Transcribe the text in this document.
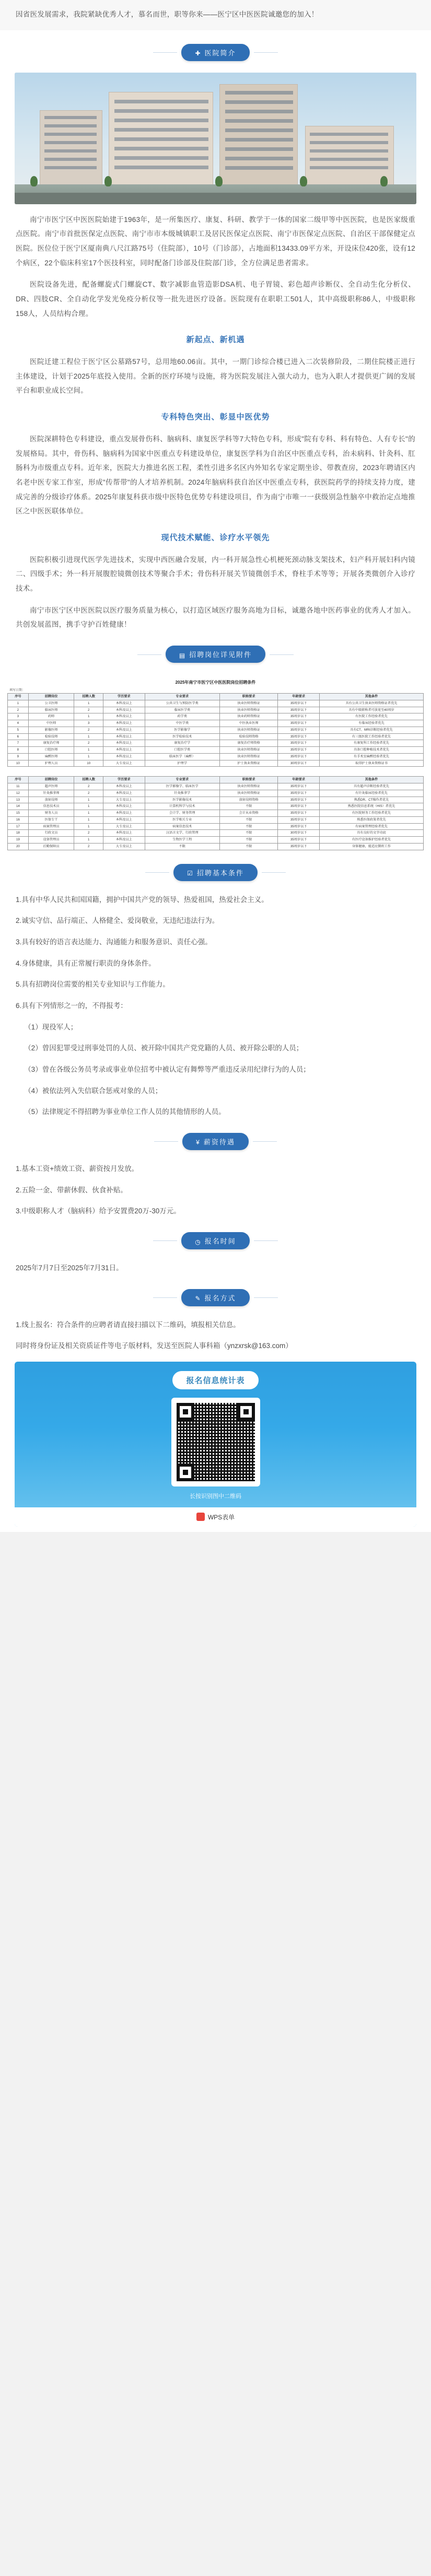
因省医发展需求，我院紧缺优秀人才，慕名而世，职等你来——医宁区中医医院诚邀您的加入！
✚ 医院简介

南宁市医宁区中医医院始建于1963年，是一所集医疗、康复、科研、教学于一体的国家二级甲等中医医院，也是医家级重点医院。南宁市首批医保定点医院、南宁市市本级城镇职工及居民医保定点医院、南宁市医保定点医院、自治区干部保健定点医院。医位位于医宁区厦南典八尺江路75号（住院部），10号（门诊部），占地面积13433.09平方米，开设床位420张，设有12个病区，22个临床科室17个医技科室，同时配备门诊部及住院部门诊，全方位满足患者需求。

医院设备先进，配备螺旋式门螺旋CT、数字减影血管造影DSA机、电子胃镜、彩色超声诊断仪、全自动生化分析仪、DR、四肢CR、全自动化学发光免疫分析仪等一批先进医疗设备。医院现有在职职工501人，其中高级职称86人，中级职称158人，人员结构合理。

新起点、新机遇

医院迁建工程位于医宁区公墓路57号，总用地60.06亩。其中，一期门诊综合楼已进入二次装修阶段，二期住院楼正进行主体建设，计划于2025年底投入使用。全新的医疗环境与设施，将为医院发展注入强大动力，也为入职人才提供更广阔的发展平台和职业成长空间。

专科特色突出、彰显中医优势

医院深耕特色专科建设，重点发展骨伤科、脑病科、康复医学科等7大特色专科，形成"院有专科、科有特色、人有专长"的发展格局。其中，骨伤科、脑病科为国家中医重点专科建设单位，康复医学科为自治区中医重点专科，治未病科、针灸科、肛肠科为市级重点专科。近年来，医院大力推进名医工程，柔性引进多名区内外知名专家定期坐诊、带教查房，2023年聘请区内名老中医专家工作室，形成"传帮带"的人才培养机制。2024年脑病科获自治区中医重点专科，获医院药学的持续支持力度，建成完善的分级诊疗体系。2025年康复科获市级中医特色优势专科建设项目，作为南宁市唯一一获级别急性脑卒中救治定点地推区之中医医联体单位。

现代技术赋能、诊疗水平领先

医院积极引进现代医学先进技术，实现中西医融合发展，内一科开展急性心机梗死颈动脉支架技术，妇产科开展妇科内镜二、四级手术；外一科开展腹腔镜微创技术等聚合手术；骨伤科开展关节镜微创手术，脊柱手术等等；开展各类微创介入诊疗技术。

南宁市医宁区中医医院以医疗服务质量为核心，以打造区域医疗服务高地为目标，诚邀各地中医药事业的优秀人才加入。共创发展蓝图，携手守护百姓健康！

▤ 招聘岗位详见附件
2025年南宁市医宁区中医医院岗位招聘条件
填写日期：
序号	招聘岗位	招聘人数	学历要求	专业要求	职称要求	年龄要求	其他条件
1	公卫医师	1	本科及以上	公共卫生与预防医学类	执业医师资格证	35周岁以下	具有公共卫生执业医师资格证者优先
2	临床医师	2	本科及以上	临床医学类	执业医师资格证	35周岁以下	具有中级职称者可放宽至40周岁
3	药师	1	本科及以上	药学类	执业药师资格证	35周岁以下	有医院工作经验者优先
4	中医师	3	本科及以上	中医学类	中医执业医师	35周岁以下	有临床经验者优先
5	影像医师	2	本科及以上	医学影像学	执业医师资格证	35周岁以下	具有CT、MRI诊断经验者优先
6	检验技师	1	本科及以上	医学检验技术	检验技师资格	35周岁以下	有三级医院工作经验者优先
7	康复治疗师	2	本科及以上	康复治疗学	康复治疗师资格	35周岁以下	有康复科工作经验者优先
8	口腔医师	1	本科及以上	口腔医学类	执业医师资格证	35周岁以下	具备口腔种植技术者优先
9	麻醉医师	1	本科及以上	临床医学（麻醉）	执业医师资格证	35周岁以下	有手术室麻醉经验者优先
10	护理人员	10	大专及以上	护理学	护士执业资格证	30周岁以下	取得护士执业资格证书
序号	招聘岗位	招聘人数	学历要求	专业要求	职称要求	年龄要求	其他条件
11	超声医师	2	本科及以上	医学影像学、临床医学	执业医师资格证	35周岁以下	具有超声诊断经验者优先
12	针灸推拿师	2	本科及以上	针灸推拿学	执业医师资格证	35周岁以下	有针灸临床经验者优先
13	放射技师	1	大专及以上	医学影像技术	放射技师资格	35周岁以下	熟悉DR、CT操作者优先
14	信息技术员	1	本科及以上	计算机科学与技术	不限	35周岁以下	熟悉医院信息系统（HIS）者优先
15	财务人员	1	本科及以上	会计学、财务管理	会计从业资格	35周岁以下	有医院财务工作经验者优先
16	医保专干	1	本科及以上	医学相关专业	不限	35周岁以下	熟悉医保政策者优先
17	病案管理员	1	大专及以上	病案信息技术	不限	35周岁以下	有病案管理经验者优先
18	行政文员	2	本科及以上	汉语言文学、行政管理	不限	30周岁以下	具有良好的文字功底
19	设备管理员	1	本科及以上	生物医学工程	不限	35周岁以下	有医疗设备维护经验者优先
20	后勤保障员	2	大专及以上	不限	不限	35周岁以下	身体健康，能适应倒班工作
☑ 招聘基本条件

1.具有中华人民共和国国籍，拥护中国共产党的领导、热爱祖国，热爱社会主义。

2.诚实守信、品行端正、人格健全、爱岗敬业，无违纪违法行为。

3.具有较好的语言表达能力、沟通能力和服务意识、责任心强。

4.身体健康，具有正常履行职责的身体条件。

5.具有招聘岗位需要的相关专业知识与工作能力。

6.具有下列情形之一的，不得报考：

（1）现役军人；

（2）曾因犯罪受过刑事处罚的人员、被开除中国共产党党籍的人员、被开除公职的人员；

（3）曾在各级公务员考录或事业单位招考中被认定有舞弊等严重违反录用纪律行为的人员；

（4）被依法列入失信联合惩戒对象的人员；

（5）法律规定不得招聘为事业单位工作人员的其他情形的人员。

¥ 薪资待遇

1.基本工资+绩效工资、薪资按月发放。

2.五险一金、带薪休假、伙食补贴。

3.中级职称人才（脑病科）给予安置费20万-30万元。

◷ 报名时间

2025年7月7日至2025年7月31日。

✎ 报名方式

1.线上报名：符合条件的应聘者请直接扫描以下二维码，填报相关信息。

同时将身份证及相关资质证件等电子版材料，发送至医院人事科箱（ynzxrsk@163.com）

报名信息统计表
长按识别图中二维码
WPS表单
